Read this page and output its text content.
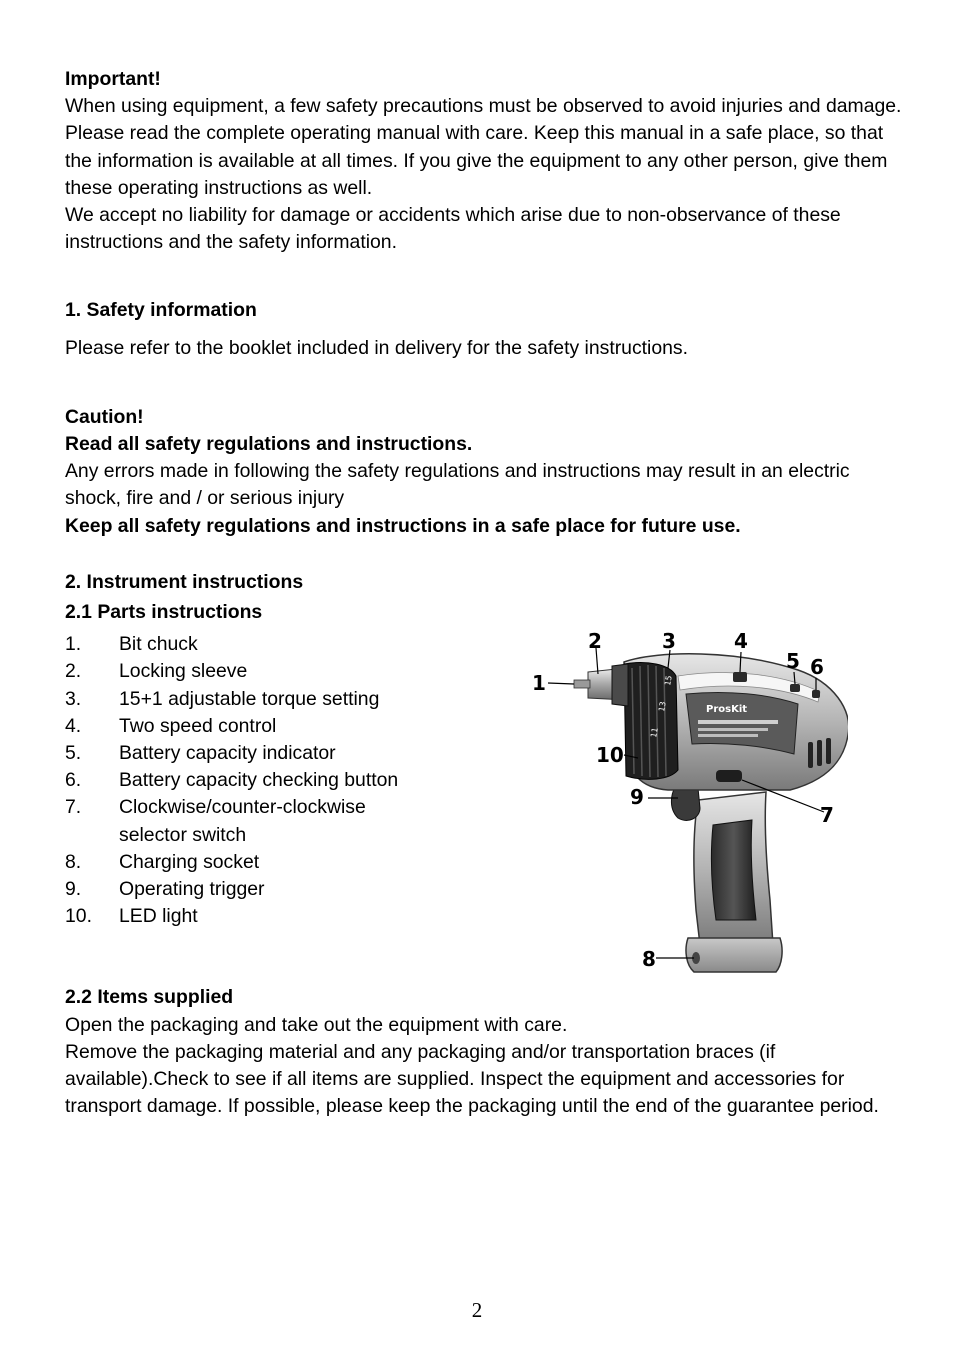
Important!

When using equipment, a few safety precautions must be observed to avoid injuries and damage.

Please read the complete operating manual with care. Keep this manual in a safe place, so that the information is available at all times. If you give the equipment to any other person, give them these operating instructions as well.

We accept no liability for damage or accidents which arise due to non-observance of these instructions and the safety information.

1. Safety information

Please refer to the booklet included in delivery for the safety instructions.

Caution!

Read all safety regulations and instructions.

Any errors made in following the safety regulations and instructions may result in an electric shock, fire and / or serious injury

Keep all safety regulations and instructions in a safe place for future use.

2. Instrument instructions

2.1 Parts instructions

1.	Bit chuck
2.	Locking sleeve
3.	15+1 adjustable torque setting
4.	Two speed control
5.	Battery capacity indicator
6.	Battery capacity checking button
7.	Clockwise/counter-clockwise selector switch
8.	Charging socket
9.	Operating trigger
10.	LED light

2.2 Items supplied

Open the packaging and take out the equipment with care.

Remove the packaging material and any packaging and/or transportation braces (if available).Check to see if all items are supplied. Inspect the equipment and accessories for transport damage. If possible, please keep the packaging until the end of the guarantee period.

ProsKit
11
13
15
1
2	3	4
5 6
7
8
9
10
2
